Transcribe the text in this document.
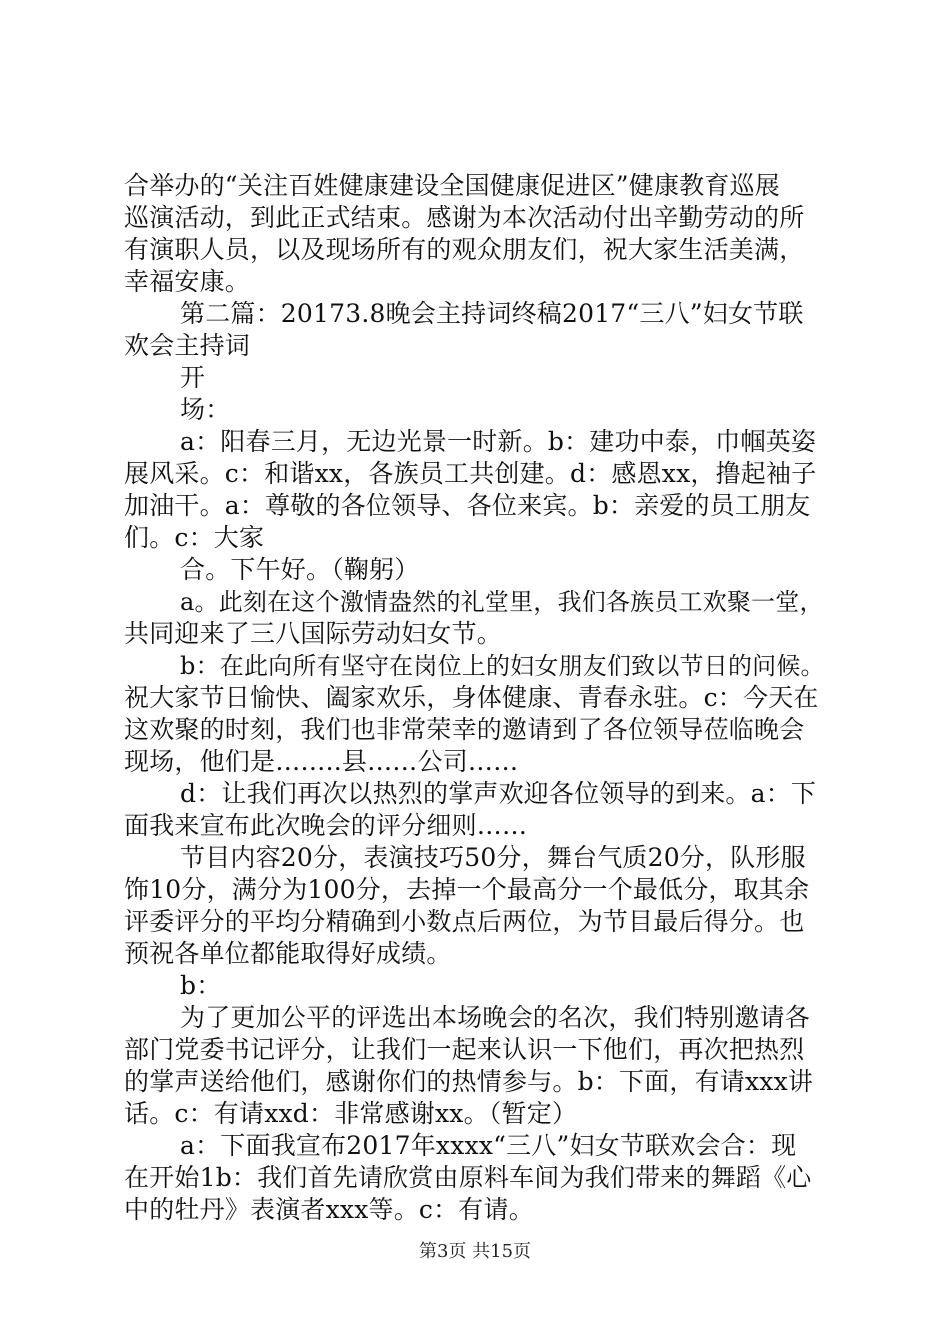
合举办的“关注百姓健康建设全国健康促进区”健康教育巡展
巡演活动，到此正式结束。感谢为本次活动付出辛勤劳动的所
有演职人员，以及现场所有的观众朋友们，祝大家生活美满，
幸福安康。
第二篇：20173.8晚会主持词终稿2017“三八”妇女节联
欢会主持词
开
场：
a：阳春三月，无边光景一时新。b：建功中泰，巾帼英姿
展风采。c：和谐xx，各族员工共创建。d：感恩xx，撸起袖子
加油干。a：尊敬的各位领导、各位来宾。b：亲爱的员工朋友
们。c：大家
合。下午好。（鞠躬）
a。此刻在这个激情盎然的礼堂里，我们各族员工欢聚一堂，
共同迎来了三八国际劳动妇女节。
b：在此向所有坚守在岗位上的妇女朋友们致以节日的问候。
祝大家节日愉快、阖家欢乐，身体健康、青春永驻。c：今天在
这欢聚的时刻，我们也非常荣幸的邀请到了各位领导莅临晚会
现场，他们是……..县……公司……
d：让我们再次以热烈的掌声欢迎各位领导的到来。a：下
面我来宣布此次晚会的评分细则……
节目内容20分，表演技巧50分，舞台气质20分，队形服
饰10分，满分为100分，去掉一个最高分一个最低分，取其余
评委评分的平均分精确到小数点后两位，为节目最后得分。也
预祝各单位都能取得好成绩。
b：
为了更加公平的评选出本场晚会的名次，我们特别邀请各
部门党委书记评分，让我们一起来认识一下他们，再次把热烈
的掌声送给他们，感谢你们的热情参与。b：下面，有请xxx讲
话。c：有请xxd：非常感谢xx。（暂定）
a：下面我宣布2017年xxxx“三八”妇女节联欢会合：现
在开始1b：我们首先请欣赏由原料车间为我们带来的舞蹈《心
中的牡丹》表演者xxx等。c：有请。
第3页 共15页
